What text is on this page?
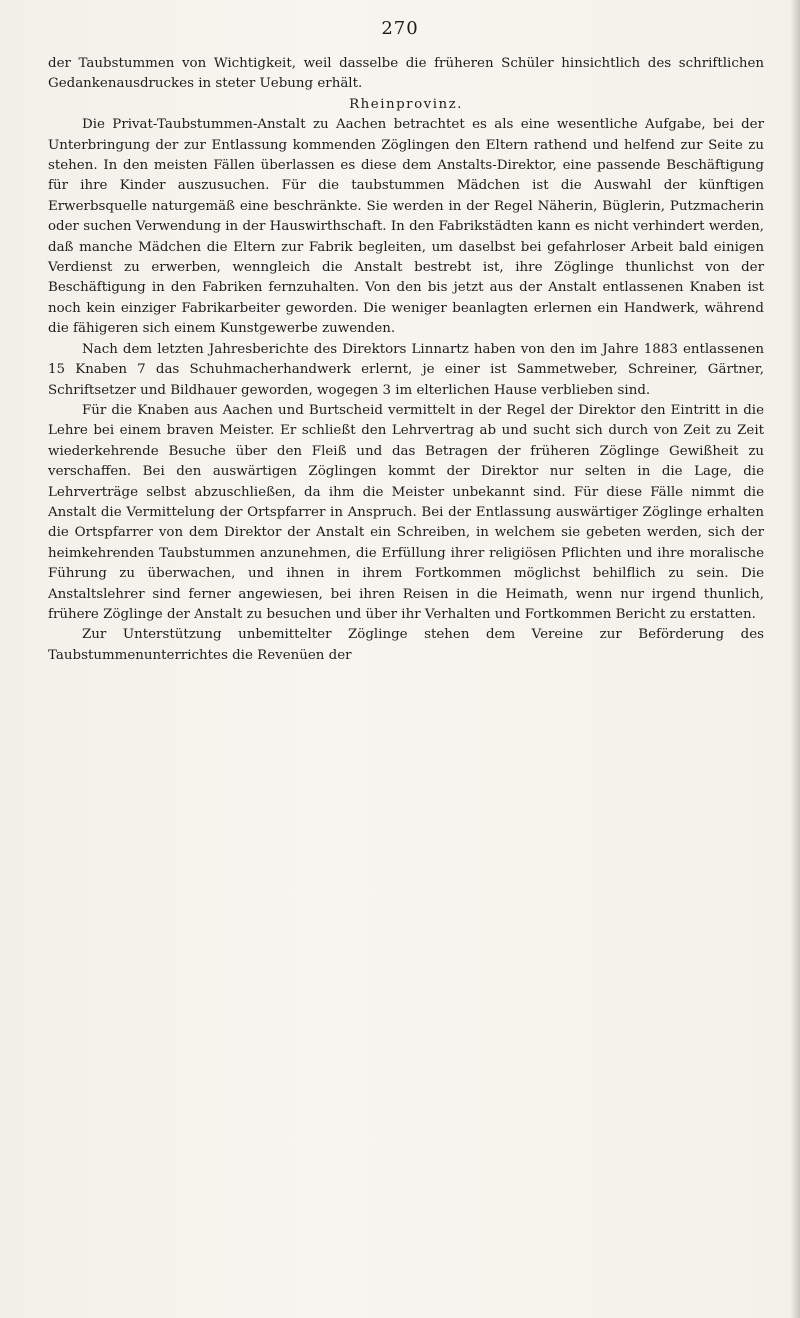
270

der Taubstummen von Wichtigkeit, weil dasselbe die früheren Schüler hinsichtlich des schriftlichen Gedankenausdruckes in steter Uebung erhält.

Rheinprovinz.

Die Privat-Taubstummen-Anstalt zu Aachen betrachtet es als eine wesentliche Aufgabe, bei der Unterbringung der zur Entlassung kommenden Zöglingen den Eltern rathend und helfend zur Seite zu stehen. In den meisten Fällen überlassen es diese dem Anstalts-Direktor, eine passende Beschäftigung für ihre Kinder auszusuchen. Für die taubstummen Mädchen ist die Auswahl der künftigen Erwerbsquelle naturgemäß eine beschränkte. Sie werden in der Regel Näherin, Büglerin, Putzmacherin oder suchen Verwendung in der Hauswirthschaft. In den Fabrikstädten kann es nicht verhindert werden, daß manche Mädchen die Eltern zur Fabrik begleiten, um daselbst bei gefahrloser Arbeit bald einigen Verdienst zu erwerben, wenngleich die Anstalt bestrebt ist, ihre Zöglinge thunlichst von der Beschäftigung in den Fabriken fernzuhalten. Von den bis jetzt aus der Anstalt entlassenen Knaben ist noch kein einziger Fabrikarbeiter geworden. Die weniger beanlagten erlernen ein Handwerk, während die fähigeren sich einem Kunstgewerbe zuwenden.

Nach dem letzten Jahresberichte des Direktors Linnartz haben von den im Jahre 1883 entlassenen 15 Knaben 7 das Schuhmacherhandwerk erlernt, je einer ist Sammetweber, Schreiner, Gärtner, Schriftsetzer und Bildhauer geworden, wogegen 3 im elterlichen Hause verblieben sind.

Für die Knaben aus Aachen und Burtscheid vermittelt in der Regel der Direktor den Eintritt in die Lehre bei einem braven Meister. Er schließt den Lehrvertrag ab und sucht sich durch von Zeit zu Zeit wiederkehrende Besuche über den Fleiß und das Betragen der früheren Zöglinge Gewißheit zu verschaffen. Bei den auswärtigen Zöglingen kommt der Direktor nur selten in die Lage, die Lehrverträge selbst abzuschließen, da ihm die Meister unbekannt sind. Für diese Fälle nimmt die Anstalt die Vermittelung der Ortspfarrer in Anspruch. Bei der Entlassung auswärtiger Zöglinge erhalten die Ortspfarrer von dem Direktor der Anstalt ein Schreiben, in welchem sie gebeten werden, sich der heimkehrenden Taubstummen anzunehmen, die Erfüllung ihrer religiösen Pflichten und ihre moralische Führung zu überwachen, und ihnen in ihrem Fortkommen möglichst behilflich zu sein. Die Anstaltslehrer sind ferner angewiesen, bei ihren Reisen in die Heimath, wenn nur irgend thunlich, frühere Zöglinge der Anstalt zu besuchen und über ihr Verhalten und Fortkommen Bericht zu erstatten.

Zur Unterstützung unbemittelter Zöglinge stehen dem Vereine zur Beförderung des Taubstummenunterrichtes die Revenüen der
